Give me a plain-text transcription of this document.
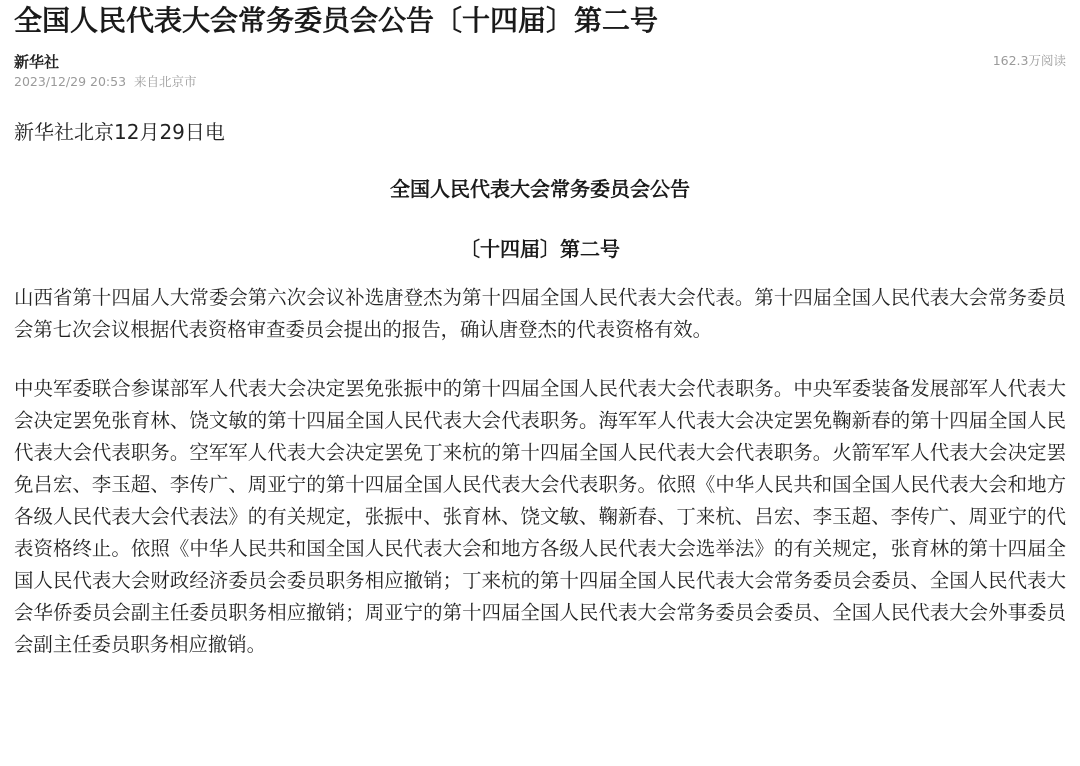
全国人民代表大会常务委员会公告〔十四届〕第二号
新华社
2023/12/29 20:53 来自北京市
162.3万阅读
新华社北京12月29日电
全国人民代表大会常务委员会公告
〔十四届〕第二号

山西省第十四届人大常委会第六次会议补选唐登杰为第十四届全国人民代表大会代表。第十四届全国人民代表大会常务委员会第七次会议根据代表资格审查委员会提出的报告，确认唐登杰的代表资格有效。

中央军委联合参谋部军人代表大会决定罢免张振中的第十四届全国人民代表大会代表职务。中央军委装备发展部军人代表大会决定罢免张育林、饶文敏的第十四届全国人民代表大会代表职务。海军军人代表大会决定罢免鞠新春的第十四届全国人民代表大会代表职务。空军军人代表大会决定罢免丁来杭的第十四届全国人民代表大会代表职务。火箭军军人代表大会决定罢免吕宏、李玉超、李传广、周亚宁的第十四届全国人民代表大会代表职务。依照《中华人民共和国全国人民代表大会和地方各级人民代表大会代表法》的有关规定，张振中、张育林、饶文敏、鞠新春、丁来杭、吕宏、李玉超、李传广、周亚宁的代表资格终止。依照《中华人民共和国全国人民代表大会和地方各级人民代表大会选举法》的有关规定，张育林的第十四届全国人民代表大会财政经济委员会委员职务相应撤销；丁来杭的第十四届全国人民代表大会常务委员会委员、全国人民代表大会华侨委员会副主任委员职务相应撤销；周亚宁的第十四届全国人民代表大会常务委员会委员、全国人民代表大会外事委员会副主任委员职务相应撤销。
